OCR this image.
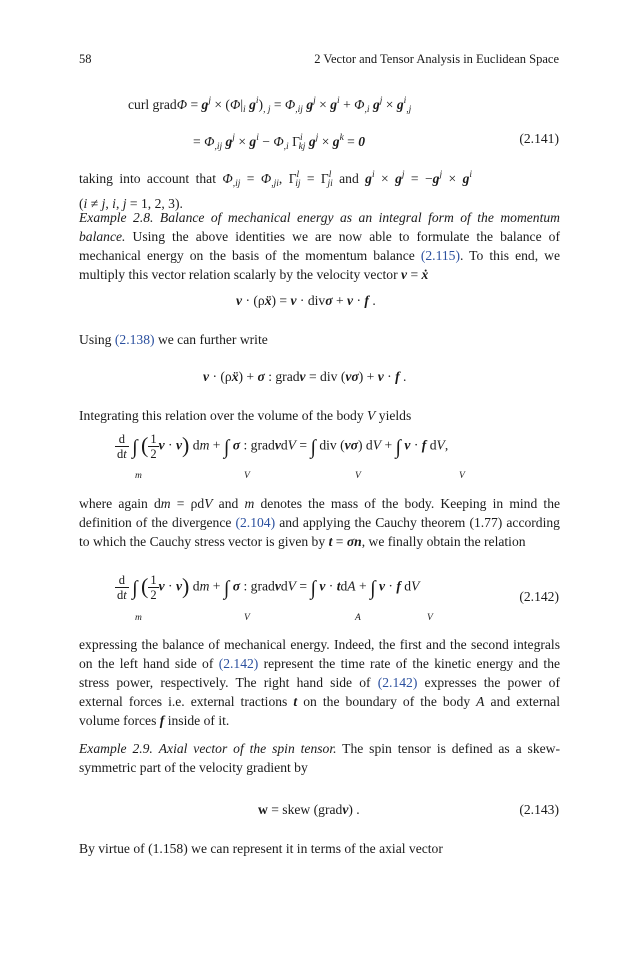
58	2 Vector and Tensor Analysis in Euclidean Space
curl gradΦ = $g^j \times (\Phi|_i$ $g^i)_{, j} = \Phi_{,ij}$ $g^j \times g^i + \Phi_{,i}$ $g^j \times g^i_{,j}$
= $\Phi_{,ij}$ $g^j \times g^i - \Phi_{,i}$ $\Gamma^i_{kj}$ $g^j \times g^k = 0$	(2.141)

taking into account that $\Phi_{,ij} = \Phi_{,ji}$, $\Gamma^l_{ij} = \Gamma^l_{ji}$ and $g^i \times g^j = -g^j \times g^i$

(i ≠ j, i, j = 1, 2, 3).

Example 2.8. Balance of mechanical energy as an integral form of the momentum balance. Using the above identities we are now able to formulate the balance of mechanical energy on the basis of the momentum balance (2.115). To this end, we multiply this vector relation scalarly by the velocity vector v = ẋ

v · (ρẍ) = v · divσ + v · f .

Using (2.138) we can further write

v · (ρẍ) + σ : gradv = div (vσ) + v · f .

Integrating this relation over the volume of the body V yields

$\frac{d}{dt}$ ∫ ( $\frac{1}{2}$ v · v) dm + ∫ σ : gradvdV = ∫ div (vσ) dV + ∫ v · f dV,
m	V	V	V

where again dm = ρdV and m denotes the mass of the body. Keeping in mind the definition of the divergence (2.104) and applying the Cauchy theorem (1.77) according to which the Cauchy stress vector is given by t = σn, we finally obtain the relation

$\frac{d}{dt}$ ∫ ( $\frac{1}{2}$ v · v) dm + ∫ σ : gradvdV = ∫ v · tdA + ∫ v · f dV
m	V	A	V
(2.142)

expressing the balance of mechanical energy. Indeed, the first and the second integrals on the left hand side of (2.142) represent the time rate of the kinetic energy and the stress power, respectively. The right hand side of (2.142) expresses the power of external forces i.e. external tractions t on the boundary of the body A and external volume forces f inside of it.

Example 2.9. Axial vector of the spin tensor. The spin tensor is defined as a skew-symmetric part of the velocity gradient by

w = skew (gradv) .	(2.143)

By virtue of (1.158) we can represent it in terms of the axial vector
